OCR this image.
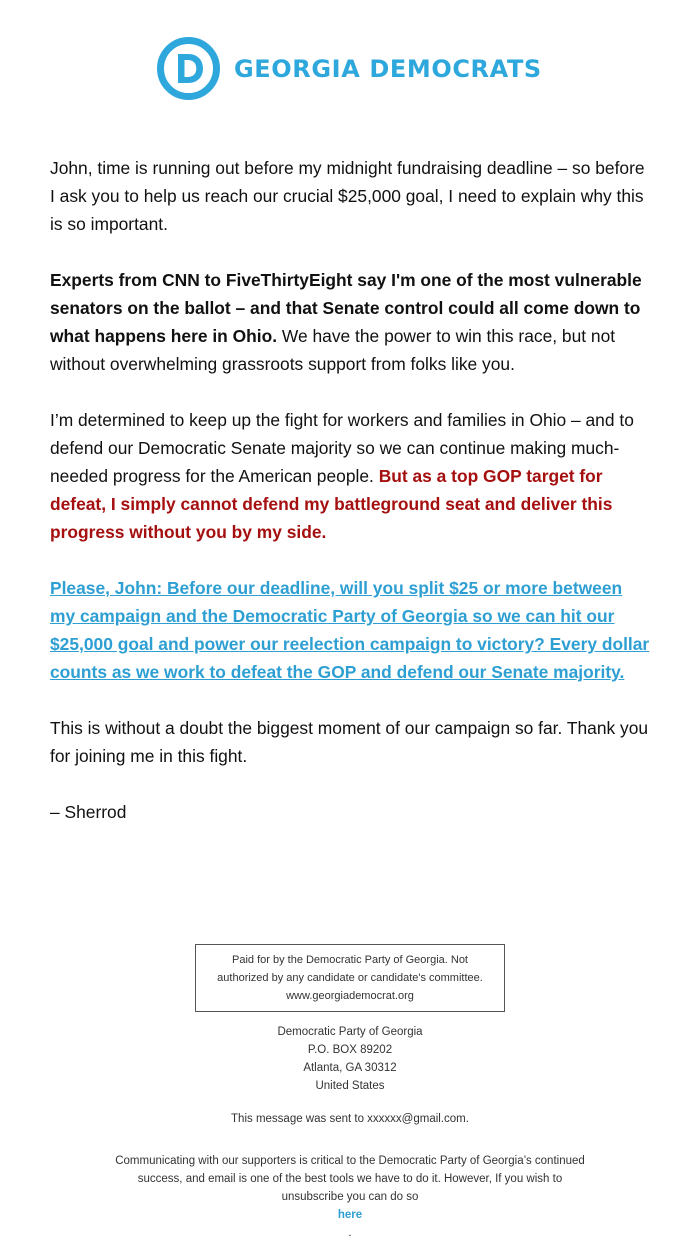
GEORGIA DEMOCRATS

John, time is running out before my midnight fundraising deadline – so before I ask you to help us reach our crucial $25,000 goal, I need to explain why this is so important.

Experts from CNN to FiveThirtyEight say I'm one of the most vulnerable senators on the ballot – and that Senate control could all come down to what happens here in Ohio. We have the power to win this race, but not without overwhelming grassroots support from folks like you.

I’m determined to keep up the fight for workers and families in Ohio – and to defend our Democratic Senate majority so we can continue making much-needed progress for the American people. But as a top GOP target for defeat, I simply cannot defend my battleground seat and deliver this progress without you by my side.

Please, John: Before our deadline, will you split $25 or more between my campaign and the Democratic Party of Georgia so we can hit our $25,000 goal and power our reelection campaign to victory? Every dollar counts as we work to defeat the GOP and defend our Senate majority.

This is without a doubt the biggest moment of our campaign so far. Thank you for joining me in this fight.

– Sherrod

Paid for by the Democratic Party of Georgia. Not
authorized by any candidate or candidate's committee.
www.georgiademocrat.org
Democratic Party of Georgia
P.O. BOX 89202
Atlanta, GA 30312
United States
This message was sent to xxxxxx@gmail.com.
Communicating with our supporters is critical to the Democratic Party of Georgia’s continued
success, and email is one of the best tools we have to do it. However, If you wish to
unsubscribe you can do so
here
.
